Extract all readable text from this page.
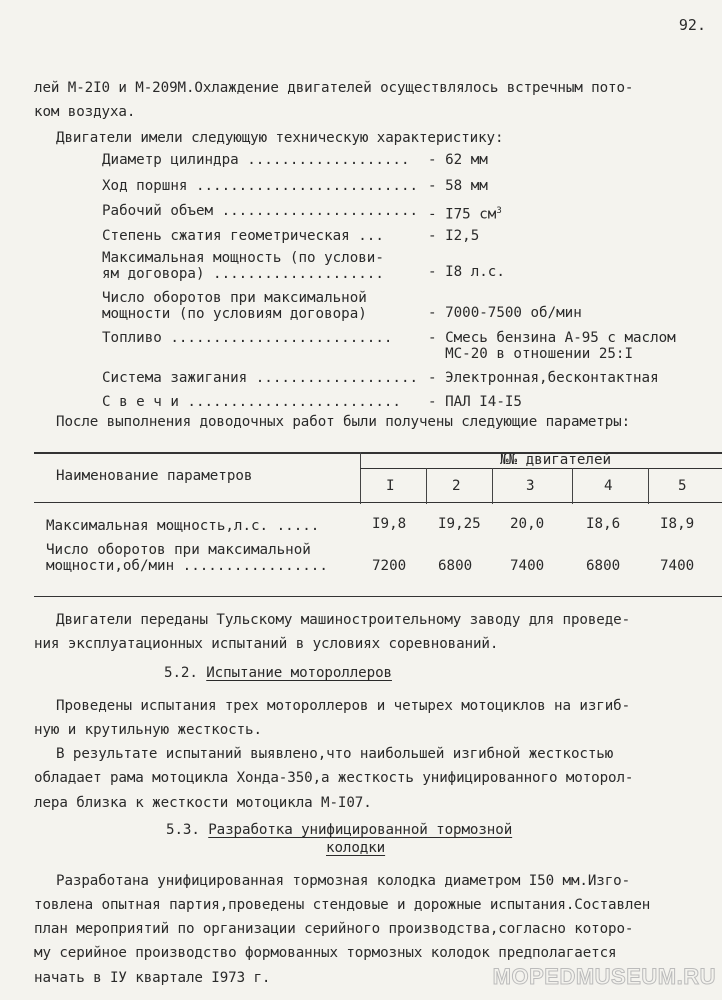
92.
лей М-2I0 и М-209М.Охлаждение двигателей осуществлялось встречным пото-
ком воздуха.
Двигатели имели следующую техническую характеристику:
Диаметр цилиндра ................... - 62 мм
Ход поршня .......................... - 58 мм
Рабочий объем ....................... - I75 $см^3$
Степень сжатия геометрическая ...	- I2,5
Максимальная мощность (по услови-
ям договора) ....................	- I8 л.с.
Число оборотов при максимальной
мощности (по условиям договора)	- 7000-7500 об/мин
Топливо ..........................	- Смесь бензина А-95 с маслом
МС-20 в отношении 25:I
Система зажигания ................... - Электронная,бесконтактная
С в е ч и ......................... - ПАЛ I4-I5
После выполнения доводочных работ были получены следующие параметры:
Наименование параметров
№№ двигателей
I	2	3	4	5
Максимальная мощность,л.с. .....	I9,8 I9,25 20,0	I8,6	I8,9
Число оборотов при максимальной
мощности,об/мин .................	7200 6800	7400	6800	7400
Двигатели переданы Тульскому машиностроительному заводу для проведе-
ния эксплуатационных испытаний в условиях соревнований.
5.2. Испытание мотороллеров
Проведены испытания трех мотороллеров и четырех мотоциклов на изгиб-
ную и крутильную жесткость.
В результате испытаний выявлено,что наибольшей изгибной жесткостью
обладает рама мотоцикла Хонда-350,а жесткость унифицированного моторол-
лера близка к жесткости мотоцикла М-I07.
5.3. Разработка унифицированной тормозной
колодки
Разработана унифицированная тормозная колодка диаметром I50 мм.Изго-
товлена опытная партия,проведены стендовые и дорожные испытания.Составлен
план мероприятий по организации серийного производства,согласно которо-
му серийное производство формованных тормозных колодок предполагается
начать в IУ квартале I973 г.	MOPEDMUSEUM.RU
